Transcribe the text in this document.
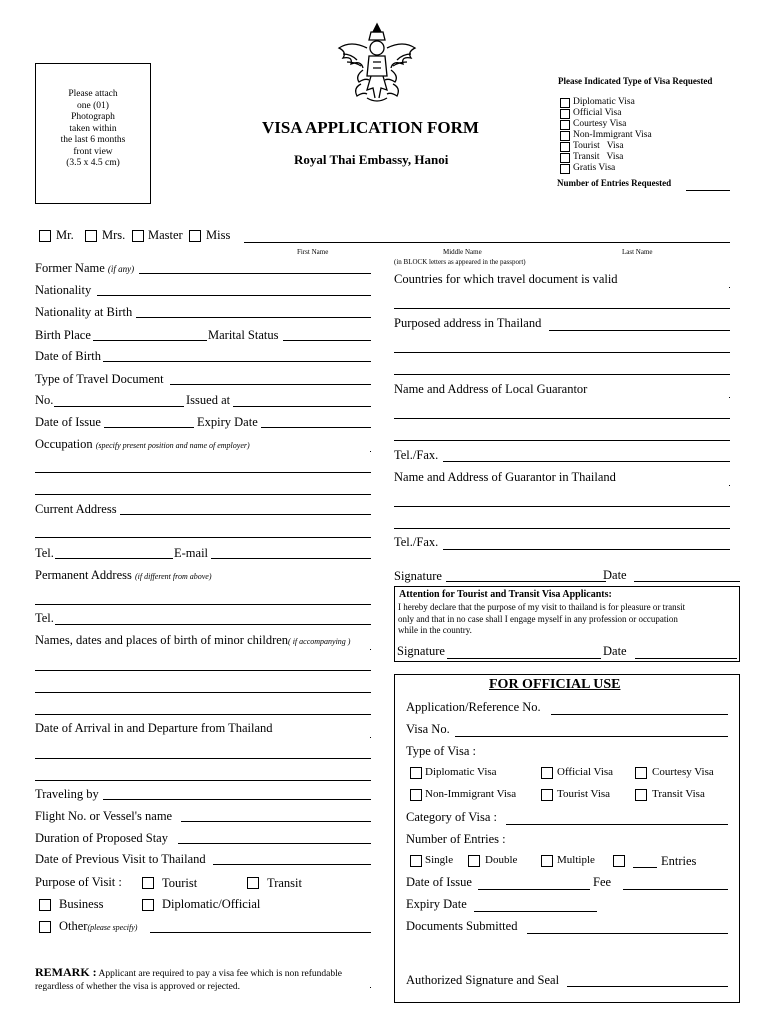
Please attach
one (01)
Photograph
taken within
the last 6 months
front view
(3.5 x 4.5 cm)
VISA APPLICATION FORM
Royal Thai Embassy, Hanoi
Please Indicated Type of Visa Requested
Diplomatic Visa
Official Visa
Courtesy Visa
Non-Immigrant Visa
Tourist   Visa
Transit   Visa
Gratis Visa
Number of Entries Requested
Mr. Mrs. Master Miss
First Name	Middle Name	Last Name
(in BLOCK letters as appeared in the passport)
Former Name (if any)
Nationality
Nationality at Birth
Birth Place	Marital Status
Date of Birth
Type of Travel Document
No.	Issued at
Date of Issue	Expiry Date
Occupation (specify present position and name of employer)
Current Address
Tel.	E-mail
Permanent Address (if different from above)
Tel.
Names, dates and places of birth of minor children( if accompanying )
Date of Arrival in and Departure from Thailand
Traveling by
Flight No. or Vessel's name
Duration of Proposed Stay
Date of Previous Visit to Thailand
Purpose of Visit :	Tourist	Transit
Business	Diplomatic/Official
Other(please specify)
REMARK : Applicant are required to pay a visa fee which is non refundable
regardless of whether the visa is approved or rejected.
Countries for which travel document is valid
Purposed address in Thailand
Name and Address of Local Guarantor
Tel./Fax.
Name and Address of Guarantor in Thailand
Tel./Fax.
Signature	Date
Attention for Tourist and Transit Visa Applicants:
I hereby declare that the purpose of my visit to thailand is for pleasure or transit
only and that in no case shall I engage myself in any profession or occupation
while in the country.
Signature	Date
FOR OFFICIAL USE
Application/Reference No.
Visa No.
Type of Visa :
Diplomatic Visa	Official Visa	Courtesy Visa
Non-Immigrant Visa	Tourist Visa	Transit Visa
Category of Visa :
Number of Entries :
Single	Double	Multiple	Entries
Date of Issue	Fee
Expiry Date
Documents Submitted
Authorized Signature and Seal
